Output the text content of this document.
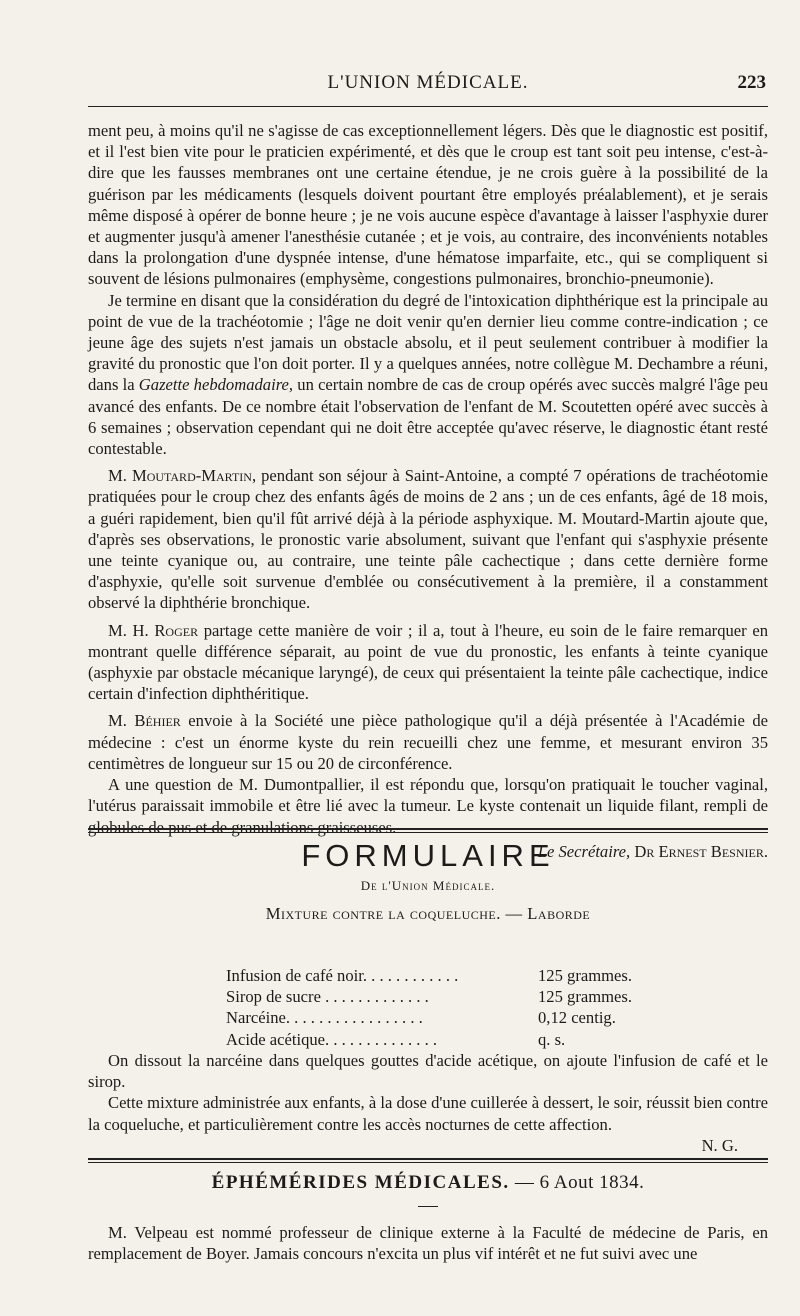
L'UNION MÉDICALE.	223

ment peu, à moins qu'il ne s'agisse de cas exceptionnellement légers. Dès que le diagnostic est positif, et il l'est bien vite pour le praticien expérimenté, et dès que le croup est tant soit peu intense, c'est-à-dire que les fausses membranes ont une certaine étendue, je ne crois guère à la possibilité de la guérison par les médicaments (lesquels doivent pourtant être employés préalablement), et je serais même disposé à opérer de bonne heure ; je ne vois aucune espèce d'avantage à laisser l'asphyxie durer et augmenter jusqu'à amener l'anesthésie cutanée ; et je vois, au contraire, des inconvénients notables dans la prolongation d'une dyspnée intense, d'une hématose imparfaite, etc., qui se compliquent si souvent de lésions pulmonaires (emphysème, congestions pulmonaires, bronchio-pneumonie).

Je termine en disant que la considération du degré de l'intoxication diphthérique est la principale au point de vue de la trachéotomie ; l'âge ne doit venir qu'en dernier lieu comme contre-indication ; ce jeune âge des sujets n'est jamais un obstacle absolu, et il peut seulement contribuer à modifier la gravité du pronostic que l'on doit porter. Il y a quelques années, notre collègue M. Dechambre a réuni, dans la Gazette hebdomadaire, un certain nombre de cas de croup opérés avec succès malgré l'âge peu avancé des enfants. De ce nombre était l'observation de l'enfant de M. Scoutetten opéré avec succès à 6 semaines ; observation cependant qui ne doit être acceptée qu'avec réserve, le diagnostic étant resté contestable.

M. Moutard-Martin, pendant son séjour à Saint-Antoine, a compté 7 opérations de trachéotomie pratiquées pour le croup chez des enfants âgés de moins de 2 ans ; un de ces enfants, âgé de 18 mois, a guéri rapidement, bien qu'il fût arrivé déjà à la période asphyxique. M. Moutard-Martin ajoute que, d'après ses observations, le pronostic varie absolument, suivant que l'enfant qui s'asphyxie présente une teinte cyanique ou, au contraire, une teinte pâle cachectique ; dans cette dernière forme d'asphyxie, qu'elle soit survenue d'emblée ou consécutivement à la première, il a constamment observé la diphthérie bronchique.

M. H. Roger partage cette manière de voir ; il a, tout à l'heure, eu soin de le faire remarquer en montrant quelle différence séparait, au point de vue du pronostic, les enfants à teinte cyanique (asphyxie par obstacle mécanique laryngé), de ceux qui présentaient la teinte pâle cachectique, indice certain d'infection diphthéritique.

M. Béhier envoie à la Société une pièce pathologique qu'il a déjà présentée à l'Académie de médecine : c'est un énorme kyste du rein recueilli chez une femme, et mesurant environ 35 centimètres de longueur sur 15 ou 20 de circonférence.

A une question de M. Dumontpallier, il est répondu que, lorsqu'on pratiquait le toucher vaginal, l'utérus paraissait immobile et être lié avec la tumeur. Le kyste contenait un liquide filant, rempli de globules de pus et de granulations graisseuses.

Le Secrétaire, Dr Ernest Besnier.

FORMULAIRE
De l'Union Médicale.
Mixture contre la coqueluche. — Laborde
Infusion de café noir. . . . . . . . . . . .	125 grammes.
Sirop de sucre . . . . . . . . . . . . .	125 grammes.
Narcéine. . . . . . . . . . . . . . . . .	0,12 centig.
Acide acétique. . . . . . . . . . . . . .	q. s.

On dissout la narcéine dans quelques gouttes d'acide acétique, on ajoute l'infusion de café et le sirop.

Cette mixture administrée aux enfants, à la dose d'une cuillerée à dessert, le soir, réussit bien contre la coqueluche, et particulièrement contre les accès nocturnes de cette affection.

N. G.

ÉPHÉMÉRIDES MÉDICALES. — 6 Aout 1834.

M. Velpeau est nommé professeur de clinique externe à la Faculté de médecine de Paris, en remplacement de Boyer. Jamais concours n'excita un plus vif intérêt et ne fut suivi avec une
